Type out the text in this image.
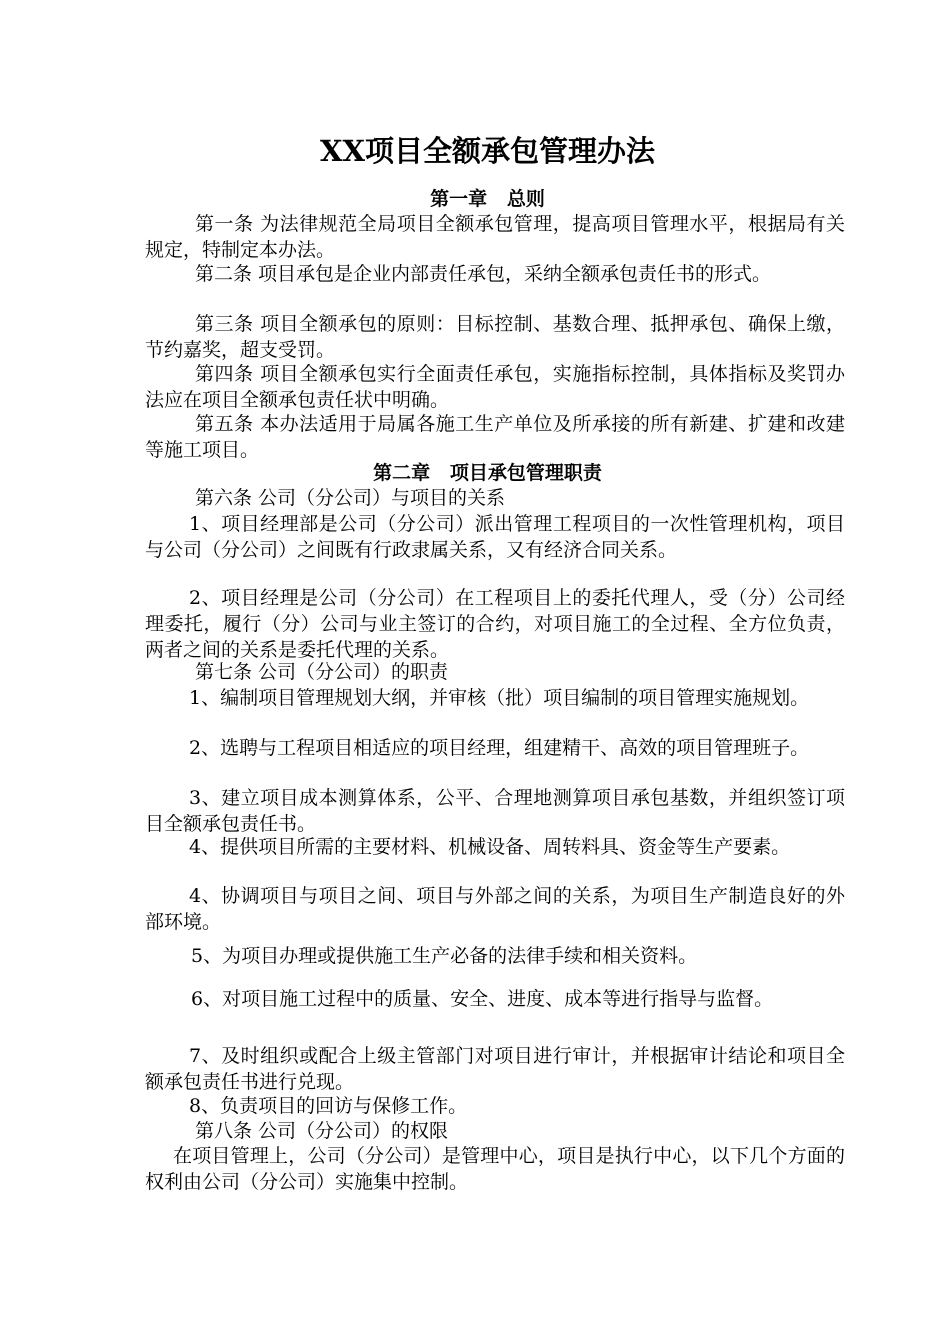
XX项目全额承包管理办法
第一章   总则
第一条 为法律规范全局项目全额承包管理，提高项目管理水平，根据局有关规定，特制定本办法。
第二条 项目承包是企业内部责任承包，采纳全额承包责任书的形式。
第三条 项目全额承包的原则：目标控制、基数合理、抵押承包、确保上缴，节约嘉奖，超支受罚。
第四条 项目全额承包实行全面责任承包，实施指标控制，具体指标及奖罚办法应在项目全额承包责任状中明确。
第五条 本办法适用于局属各施工生产单位及所承接的所有新建、扩建和改建等施工项目。
第二章   项目承包管理职责
第六条 公司（分公司）与项目的关系
1、项目经理部是公司（分公司）派出管理工程项目的一次性管理机构，项目与公司（分公司）之间既有行政隶属关系，又有经济合同关系。
2、项目经理是公司（分公司）在工程项目上的委托代理人，受（分）公司经理委托，履行（分）公司与业主签订的合约，对项目施工的全过程、全方位负责，两者之间的关系是委托代理的关系。
第七条 公司（分公司）的职责
1、编制项目管理规划大纲，并审核（批）项目编制的项目管理实施规划。
2、选聘与工程项目相适应的项目经理，组建精干、高效的项目管理班子。
3、建立项目成本测算体系，公平、合理地测算项目承包基数，并组织签订项目全额承包责任书。
4、提供项目所需的主要材料、机械设备、周转料具、资金等生产要素。
4、协调项目与项目之间、项目与外部之间的关系，为项目生产制造良好的外部环境。
5、为项目办理或提供施工生产必备的法律手续和相关资料。
6、对项目施工过程中的质量、安全、进度、成本等进行指导与监督。
7、及时组织或配合上级主管部门对项目进行审计，并根据审计结论和项目全额承包责任书进行兑现。
8、负责项目的回访与保修工作。
第八条 公司（分公司）的权限
在项目管理上，公司（分公司）是管理中心，项目是执行中心，以下几个方面的权利由公司（分公司）实施集中控制。
